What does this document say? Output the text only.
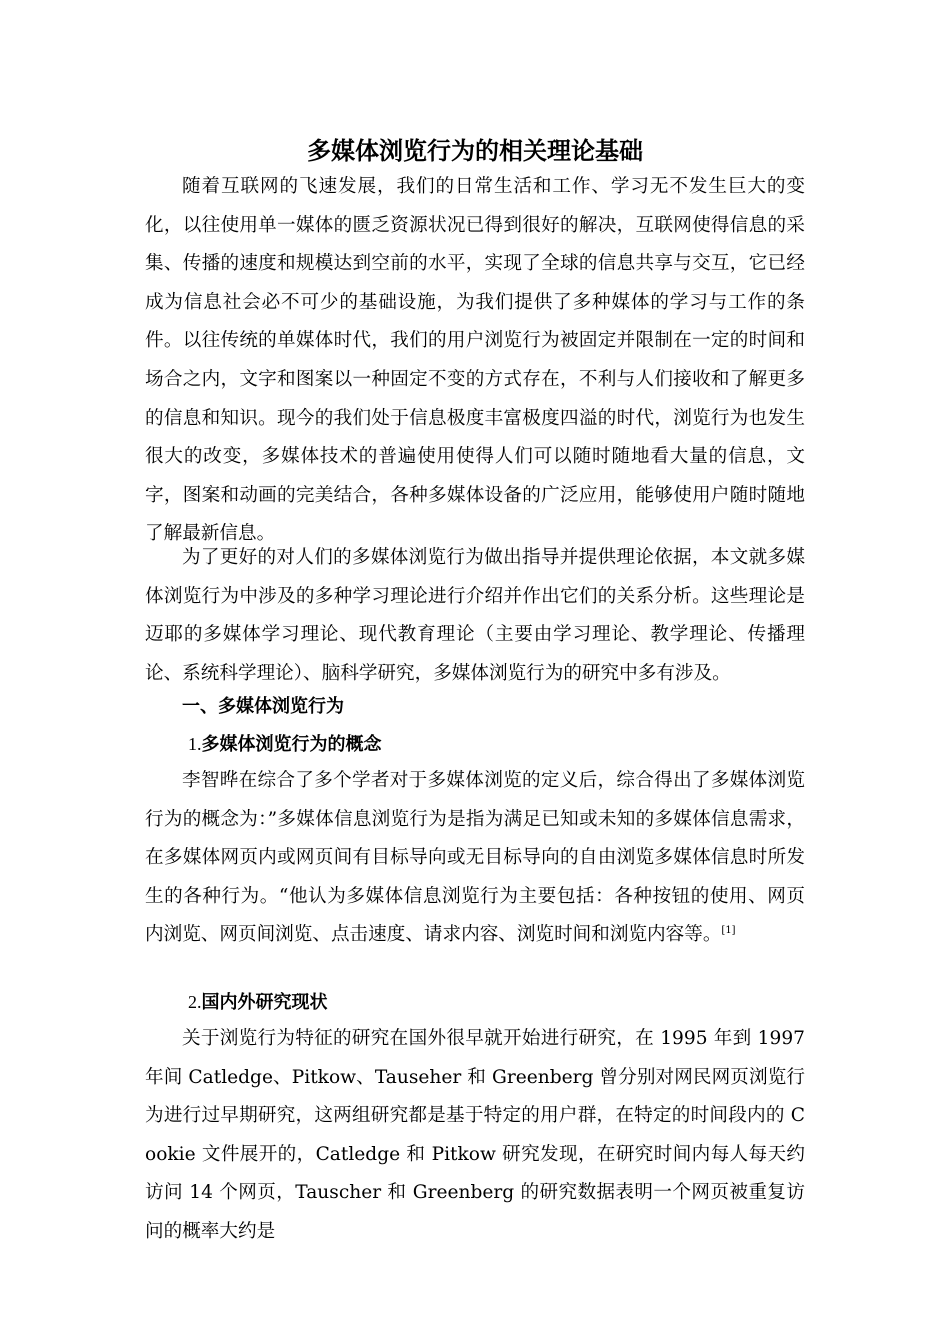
多媒体浏览行为的相关理论基础

随着互联网的飞速发展，我们的日常生活和工作、学习无不发生巨大的变化，以往使用单一媒体的匮乏资源状况已得到很好的解决，互联网使得信息的采集、传播的速度和规模达到空前的水平，实现了全球的信息共享与交互，它已经成为信息社会必不可少的基础设施，为我们提供了多种媒体的学习与工作的条件。以往传统的单媒体时代，我们的用户浏览行为被固定并限制在一定的时间和场合之内，文字和图案以一种固定不变的方式存在，不利与人们接收和了解更多的信息和知识。现今的我们处于信息极度丰富极度四溢的时代，浏览行为也发生很大的改变，多媒体技术的普遍使用使得人们可以随时随地看大量的信息，文字，图案和动画的完美结合，各种多媒体设备的广泛应用，能够使用户随时随地了解最新信息。

为了更好的对人们的多媒体浏览行为做出指导并提供理论依据，本文就多媒体浏览行为中涉及的多种学习理论进行介绍并作出它们的关系分析。这些理论是迈耶的多媒体学习理论、现代教育理论（主要由学习理论、教学理论、传播理论、系统科学理论）、脑科学研究，多媒体浏览行为的研究中多有涉及。

一、多媒体浏览行为
1.多媒体浏览行为的概念

李智晔在综合了多个学者对于多媒体浏览的定义后，综合得出了多媒体浏览行为的概念为：”多媒体信息浏览行为是指为满足已知或未知的多媒体信息需求，在多媒体网页内或网页间有目标导向或无目标导向的自由浏览多媒体信息时所发生的各种行为。“他认为多媒体信息浏览行为主要包括：各种按钮的使用、网页内浏览、网页间浏览、点击速度、请求内容、浏览时间和浏览内容等。[1]

2.国内外研究现状

关于浏览行为特征的研究在国外很早就开始进行研究，在 1995 年到 1997 年间 Catledge、Pitkow、Tauseher 和 Greenberg 曾分别对网民网页浏览行为进行过早期研究，这两组研究都是基于特定的用户群，在特定的时间段内的 Cookie 文件展开的，Catledge 和 Pitkow 研究发现，在研究时间内每人每天约访问 14 个网页，Tauscher 和 Greenberg 的研究数据表明一个网页被重复访问的概率大约是
